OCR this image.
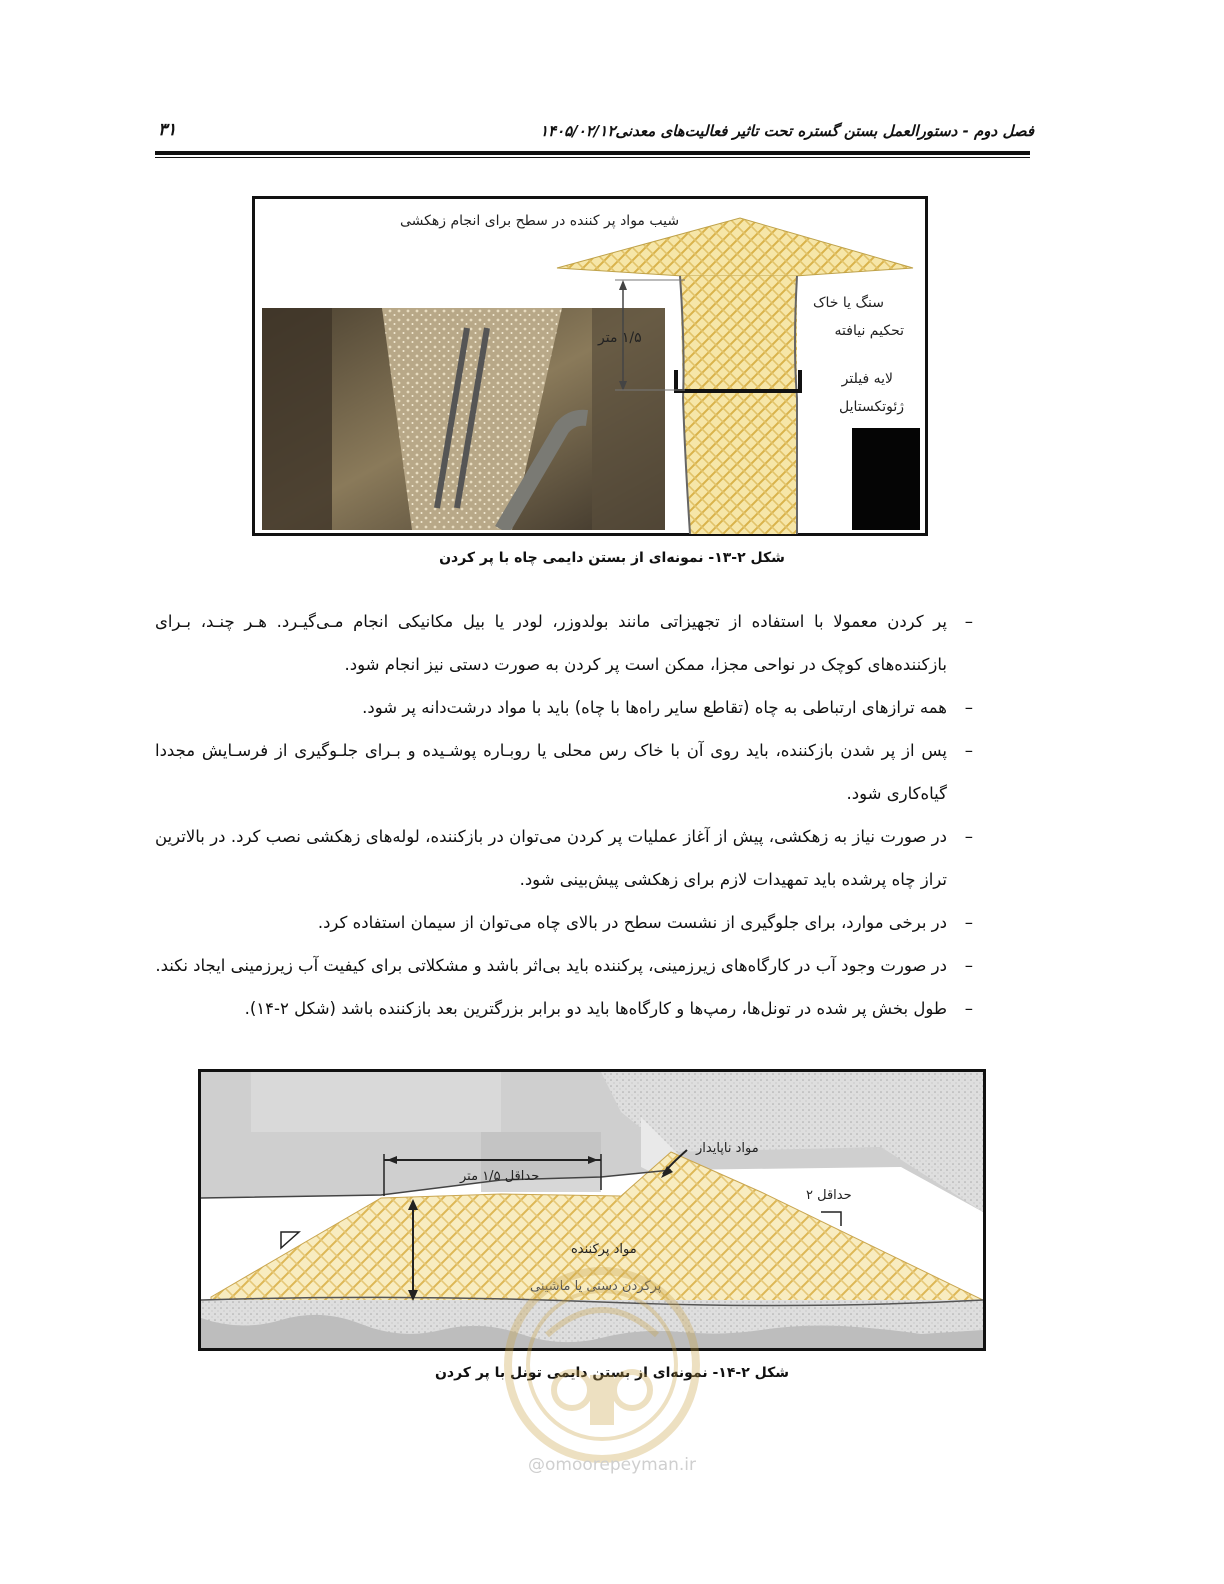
فصل دوم - دستورالعمل بستن گستره تحت تاثیر فعالیت‌های معدنی۱۴۰۵/۰۲/۱۲
۳۱
شیب مواد پر کننده در سطح برای انجام زهکشی
۱/۵ متر
سنگ یا خاک
تحکیم نیافته
لایه فیلتر
ژئوتکستایل
شکل ۲-۱۳- نمونه‌ای از بستن دایمی چاه با پر کردن
–
پر کردن معمولا با استفاده از تجهیزاتی مانند بولدوزر، لودر یا بیل مکانیکی انجام مـی‌گیـرد. هـر چنـد، بـرای بازکننده‌های کوچک در نواحی مجزا، ممکن است پر کردن به صورت دستی نیز انجام شود.
–
همه ترازهای ارتباطی به چاه (تقاطع سایر راه‌ها با چاه) باید با مواد درشت‌دانه پر شود.
–
پس از پر شدن بازکننده، باید روی آن با خاک رس محلی یا روبـاره پوشـیده و بـرای جلـوگیری از فرسـایش مجددا گیاه‌کاری شود.
–
در صورت نیاز به زهکشی، پیش از آغاز عملیات پر کردن می‌توان در بازکننده، لوله‌های زهکشی نصب کرد. در بالاترین تراز چاه پرشده باید تمهیدات لازم برای زهکشی پیش‌بینی شود.
–
در برخی موارد، برای جلوگیری از نشست سطح در بالای چاه می‌توان از سیمان استفاده کرد.
–
در صورت وجود آب در کارگاه‌های زیرزمینی، پرکننده باید بی‌اثر باشد و مشکلاتی برای کیفیت آب زیرزمینی ایجاد نکند.
–
طول بخش پر شده در تونل‌ها، رمپ‌ها و کارگاه‌ها باید دو برابر بزرگترین بعد بازکننده باشد (شکل ۲-۱۴).
مواد ناپایدار
حداقل ۱/۵ متر
حداقل ۲
مواد پرکننده
پرکردن دستی یا ماشینی
شکل ۲-۱۴- نمونه‌ای از بستن دایمی تونل با پر کردن
@omoorepeyman.ir
